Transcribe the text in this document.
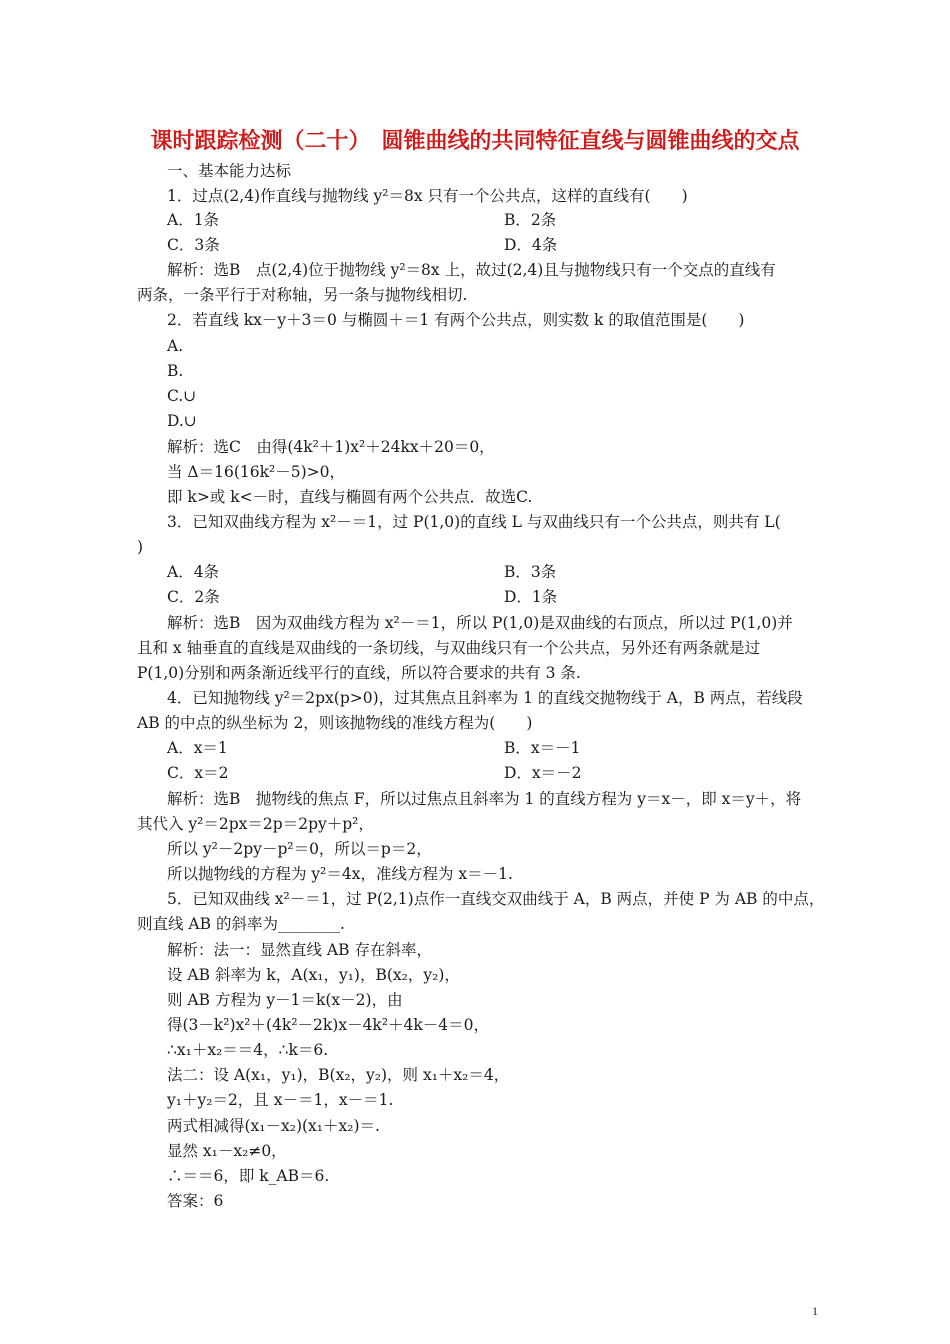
课时跟踪检测（二十）　圆锥曲线的共同特征直线与圆锥曲线的交点
一、基本能力达标
1．过点(2,4)作直线与抛物线 y²＝8x 只有一个公共点，这样的直线有(　　)
A．1条	B．2条
C．3条	D．4条
解析：选B　点(2,4)位于抛物线 y²＝8x 上，故过(2,4)且与抛物线只有一个交点的直线有
两条，一条平行于对称轴，另一条与抛物线相切.
2．若直线 kx－y＋3＝0 与椭圆＋＝1 有两个公共点，则实数 k 的取值范围是(　　)
A.
B.
C.∪
D.∪
解析：选C　由得(4k²＋1)x²＋24kx＋20＝0，
当 Δ＝16(16k²－5)>0，
即 k>或 k<－时，直线与椭圆有两个公共点．故选C.
3．已知双曲线方程为 x²－＝1，过 P(1,0)的直线 L 与双曲线只有一个公共点，则共有 L(
)
A．4条	B．3条
C．2条	D．1条
解析：选B　因为双曲线方程为 x²－＝1，所以 P(1,0)是双曲线的右顶点，所以过 P(1,0)并
且和 x 轴垂直的直线是双曲线的一条切线，与双曲线只有一个公共点，另外还有两条就是过
P(1,0)分别和两条渐近线平行的直线，所以符合要求的共有 3 条.
4．已知抛物线 y²＝2px(p>0)，过其焦点且斜率为 1 的直线交抛物线于 A，B 两点，若线段
AB 的中点的纵坐标为 2，则该抛物线的准线方程为(　　)
A．x＝1	B．x＝－1
C．x＝2	D．x＝－2
解析：选B　抛物线的焦点 F，所以过焦点且斜率为 1 的直线方程为 y＝x－，即 x＝y＋，将
其代入 y²＝2px＝2p＝2py＋p²，
所以 y²－2py－p²＝0，所以＝p＝2，
所以抛物线的方程为 y²＝4x，准线方程为 x＝－1.
5．已知双曲线 x²－＝1，过 P(2,1)点作一直线交双曲线于 A，B 两点，并使 P 为 AB 的中点，
则直线 AB 的斜率为________.
解析：法一：显然直线 AB 存在斜率，
设 AB 斜率为 k，A(x₁，y₁)，B(x₂，y₂)，
则 AB 方程为 y－1＝k(x－2)，由
得(3－k²)x²＋(4k²－2k)x－4k²＋4k－4＝0，
∴x₁＋x₂＝＝4，∴k＝6.
法二：设 A(x₁，y₁)，B(x₂，y₂)，则 x₁＋x₂＝4，
y₁＋y₂＝2，且 x－＝1，x－＝1.
两式相减得(x₁－x₂)(x₁＋x₂)＝.
显然 x₁－x₂≠0，
∴＝＝6，即 k_AB＝6.
答案：6
1
